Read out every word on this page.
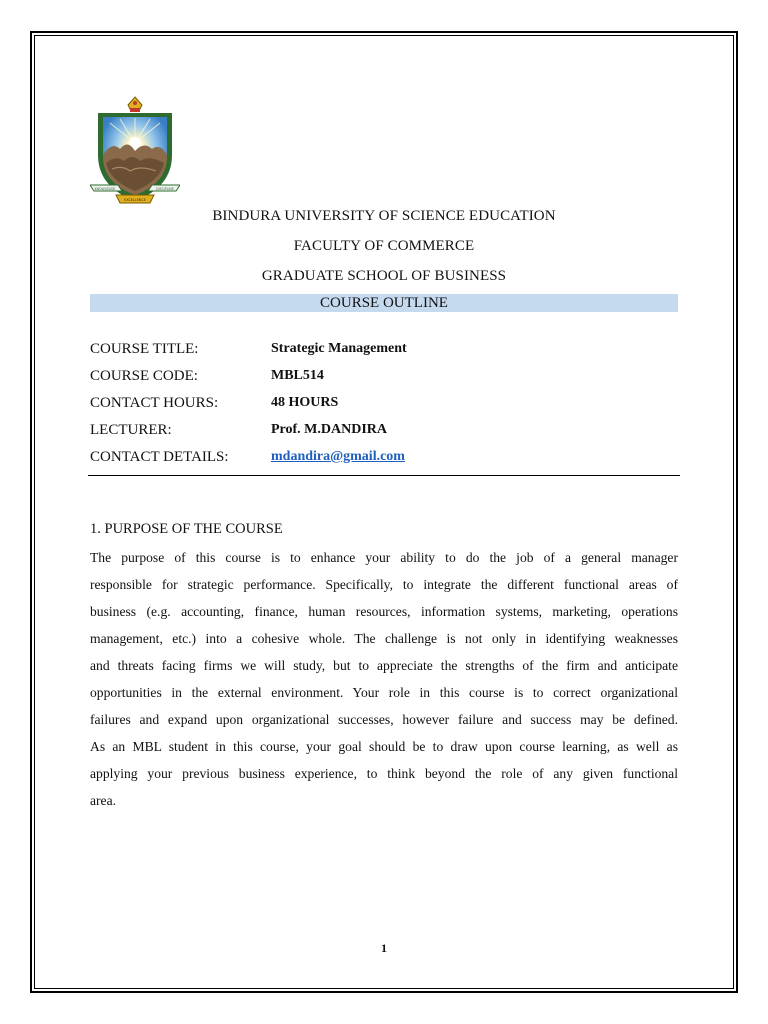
KNOWLEDGE	DISCIPLINE
EXCELLENCE
BINDURA UNIVERSITY OF SCIENCE EDUCATION
FACULTY OF COMMERCE
GRADUATE SCHOOL OF BUSINESS
COURSE OUTLINE
COURSE TITLE:	Strategic Management
COURSE CODE:	MBL514
CONTACT HOURS:	48 HOURS
LECTURER:	Prof. M.DANDIRA
CONTACT DETAILS:	mdandira@gmail.com
1. PURPOSE OF THE COURSE
The purpose of this course is to enhance your ability to do the job of a general manager
responsible for strategic performance. Specifically, to integrate the different functional areas of
business (e.g. accounting, finance, human resources, information systems, marketing, operations
management, etc.) into a cohesive whole. The challenge is not only in identifying weaknesses
and threats facing firms we will study, but to appreciate the strengths of the firm and anticipate
opportunities in the external environment. Your role in this course is to correct organizational
failures and expand upon organizational successes, however failure and success may be defined.
As an MBL student in this course, your goal should be to draw upon course learning, as well as
applying your previous business experience, to think beyond the role of any given functional
area.
1
